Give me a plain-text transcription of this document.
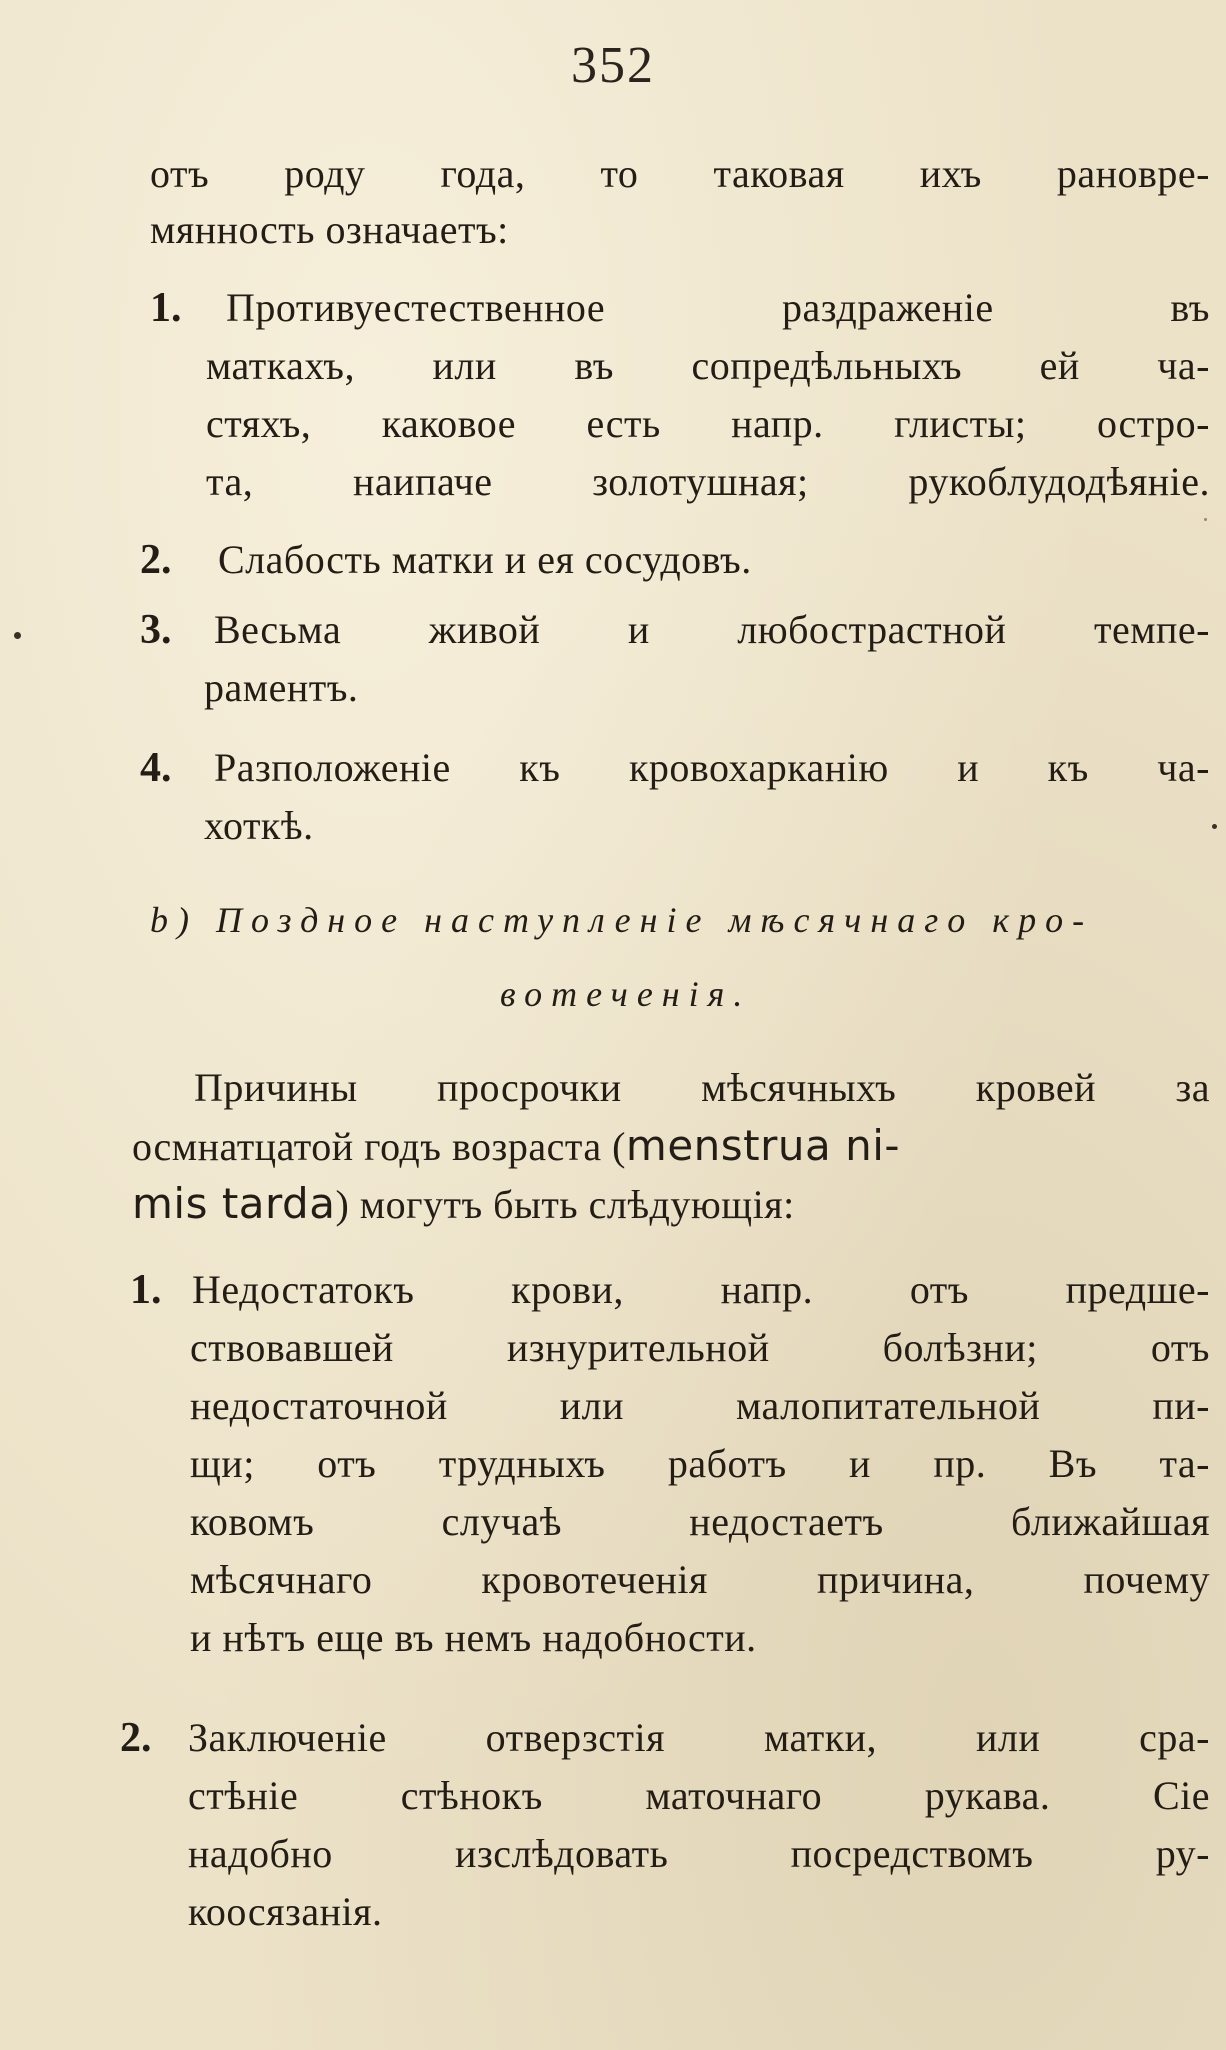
352
отъ роду года, то таковая ихъ рановре-
мянность означаетъ:
1. Противуестественное раздраженіе въ
маткахъ, или въ сопредѣльныхъ ей ча-
стяхъ, каковое есть напр. глисты; остро-
та, наипаче золотушная; рукоблудодѣяніе.
2. Слабость матки и ея сосудовъ.
3. Весьма живой и любострастной темпе-
раментъ.
4. Разположеніе къ кровохарканію и къ ча-
хоткѣ.
b) Позднoе наступленіе мѣсячнаго кро-
вотеченія.
Причины просрочки мѣсячныхъ кровей за
осмнатцатой годъ возраста (menstrua ni-
mis tarda) могутъ быть слѣдующія:
1. Недостатокъ крови, напр. отъ предше-
ствовавшей изнурительной болѣзни; отъ
недостаточной или малопитательной пи-
щи; отъ трудныхъ работъ и пр. Въ та-
ковомъ случаѣ недостаетъ ближайшая
мѣсячнаго кровотеченія причина, почему
и нѣтъ еще въ немъ надобности.
2. Заключеніе отверзстія матки, или сра-
стѣніе стѣнокъ маточнаго рукава. Сіе
надобно изслѣдовать посредствомъ ру-
коосязанія.
